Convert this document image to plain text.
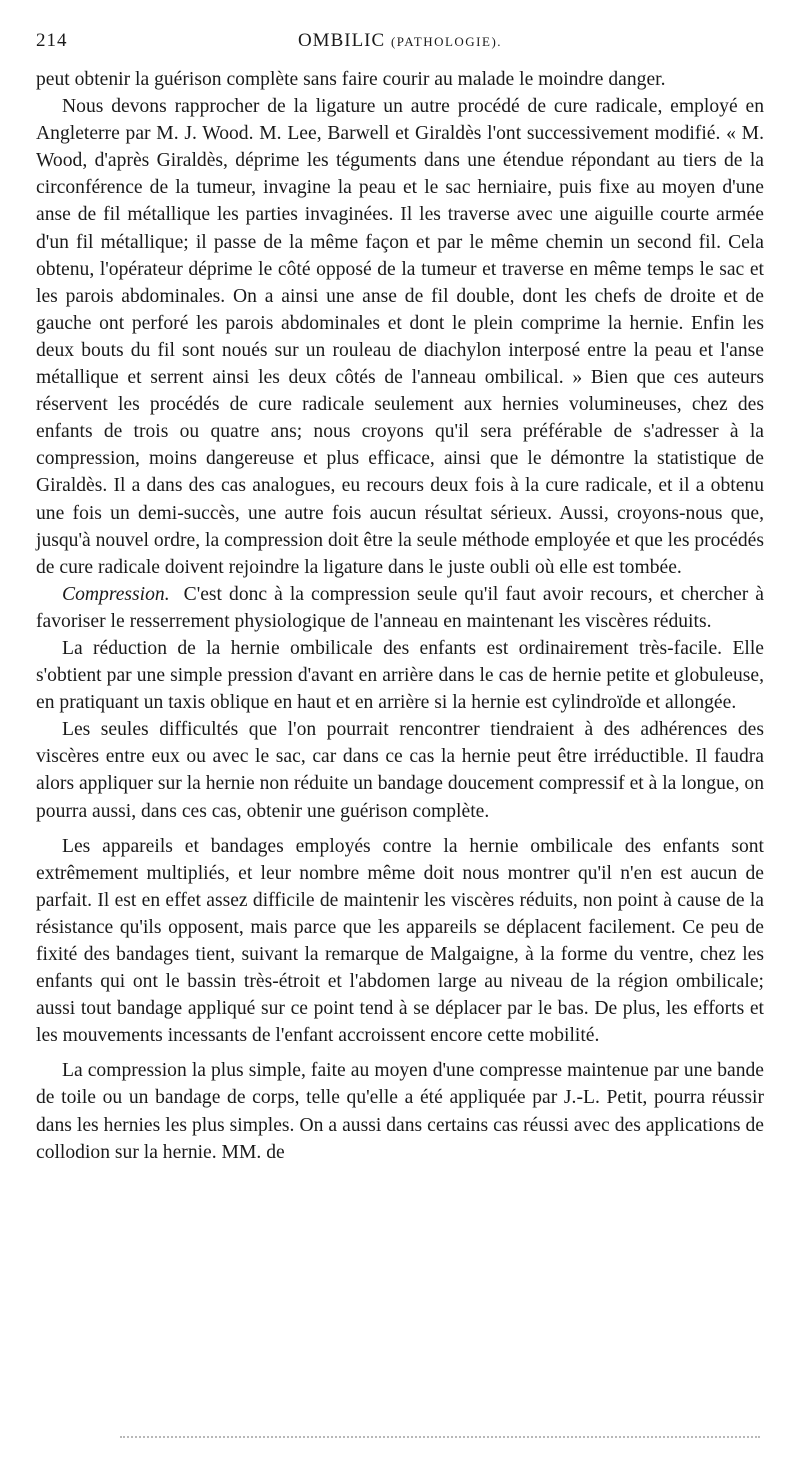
214	OMBILIC (PATHOLOGIE).

peut obtenir la guérison complète sans faire courir au malade le moindre danger.

Nous devons rapprocher de la ligature un autre procédé de cure radicale, employé en Angleterre par M. J. Wood. M. Lee, Barwell et Giraldès l'ont successivement modifié. « M. Wood, d'après Giraldès, déprime les téguments dans une étendue répondant au tiers de la circonférence de la tumeur, invagine la peau et le sac herniaire, puis fixe au moyen d'une anse de fil métallique les parties invaginées. Il les traverse avec une aiguille courte armée d'un fil métallique; il passe de la même façon et par le même chemin un second fil. Cela obtenu, l'opérateur déprime le côté opposé de la tumeur et traverse en même temps le sac et les parois abdominales. On a ainsi une anse de fil double, dont les chefs de droite et de gauche ont perforé les parois abdominales et dont le plein comprime la hernie. Enfin les deux bouts du fil sont noués sur un rouleau de diachylon interposé entre la peau et l'anse métallique et serrent ainsi les deux côtés de l'anneau ombilical. » Bien que ces auteurs réservent les procédés de cure radicale seulement aux hernies volumineuses, chez des enfants de trois ou quatre ans; nous croyons qu'il sera préférable de s'adresser à la compression, moins dangereuse et plus efficace, ainsi que le démontre la statistique de Giraldès. Il a dans des cas analogues, eu recours deux fois à la cure radicale, et il a obtenu une fois un demi-succès, une autre fois aucun résultat sérieux. Aussi, croyons-nous que, jusqu'à nouvel ordre, la compression doit être la seule méthode employée et que les procédés de cure radicale doivent rejoindre la ligature dans le juste oubli où elle est tombée.

Compression. C'est donc à la compression seule qu'il faut avoir recours, et chercher à favoriser le resserrement physiologique de l'anneau en maintenant les viscères réduits.

La réduction de la hernie ombilicale des enfants est ordinairement très-facile. Elle s'obtient par une simple pression d'avant en arrière dans le cas de hernie petite et globuleuse, en pratiquant un taxis oblique en haut et en arrière si la hernie est cylindroïde et allongée.

Les seules difficultés que l'on pourrait rencontrer tiendraient à des adhérences des viscères entre eux ou avec le sac, car dans ce cas la hernie peut être irréductible. Il faudra alors appliquer sur la hernie non réduite un bandage doucement compressif et à la longue, on pourra aussi, dans ces cas, obtenir une guérison complète.

Les appareils et bandages employés contre la hernie ombilicale des enfants sont extrêmement multipliés, et leur nombre même doit nous montrer qu'il n'en est aucun de parfait. Il est en effet assez difficile de maintenir les viscères réduits, non point à cause de la résistance qu'ils opposent, mais parce que les appareils se déplacent facilement. Ce peu de fixité des bandages tient, suivant la remarque de Malgaigne, à la forme du ventre, chez les enfants qui ont le bassin très-étroit et l'abdomen large au niveau de la région ombilicale; aussi tout bandage appliqué sur ce point tend à se déplacer par le bas. De plus, les efforts et les mouvements incessants de l'enfant accroissent encore cette mobilité.

La compression la plus simple, faite au moyen d'une compresse maintenue par une bande de toile ou un bandage de corps, telle qu'elle a été appliquée par J.-L. Petit, pourra réussir dans les hernies les plus simples. On a aussi dans certains cas réussi avec des applications de collodion sur la hernie. MM. de
